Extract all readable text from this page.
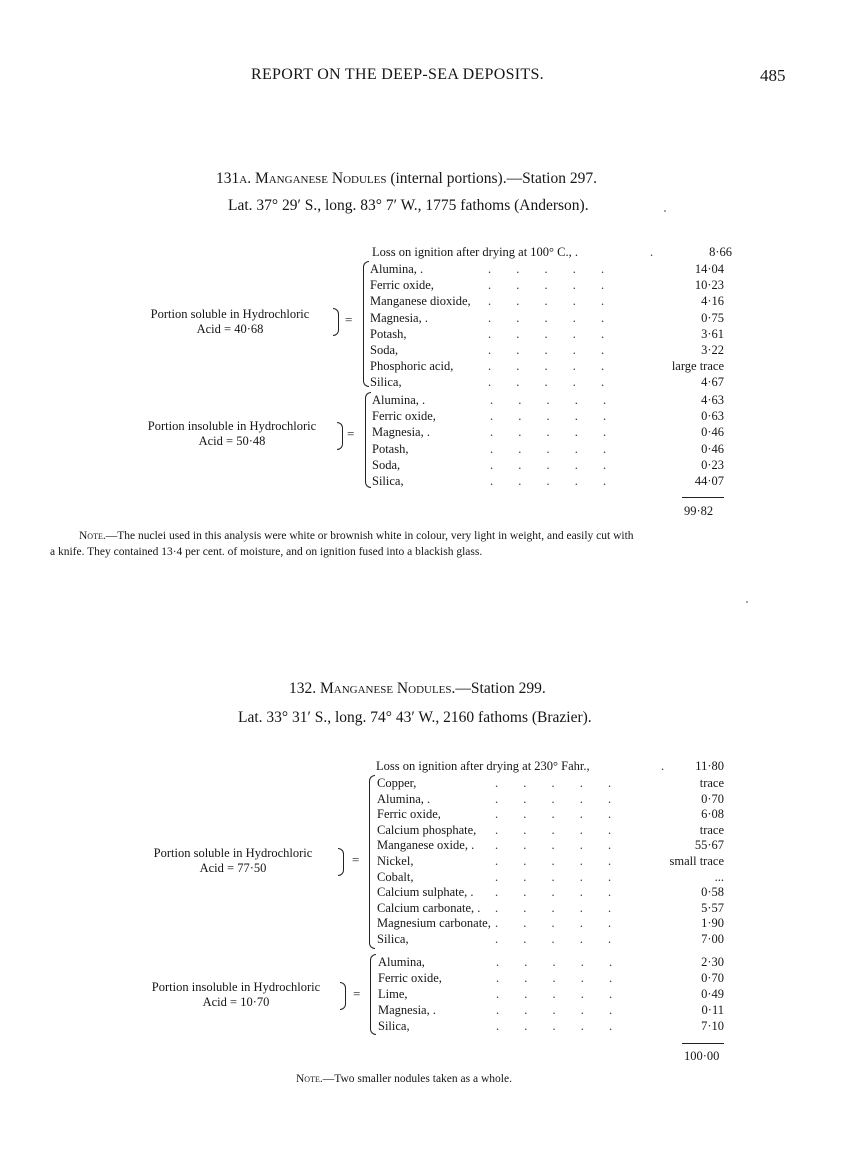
REPORT ON THE DEEP-SEA DEPOSITS.	485
131A. Manganese Nodules (internal portions).—Station 297.
Lat. 37° 29′ S., long. 83° 7′ W., 1775 fathoms (Anderson).
Loss on ignition after drying at 100° C., .	.	8·66
Portion soluble in Hydrochloric
Acid = 40·68
=
Alumina, .	. . . . .	14·04
Ferric oxide,	. . . . .	10·23
Manganese dioxide, . . . . .	4·16
Magnesia, .	. . . . .	0·75
Potash,	. . . . .	3·61
Soda,	. . . . .	3·22
Phosphoric acid,	. . . . .	large trace
Silica,	. . . . .	4·67
Portion insoluble in Hydrochloric
Acid = 50·48	=
Alumina, .	. . . . .	4·63
Ferric oxide,	. . . . .	0·63
Magnesia, .	. . . . .	0·46
Potash,	. . . . .	0·46
Soda,	. . . . .	0·23
Silica,	. . . . .	44·07
99·82
Note.—The nuclei used in this analysis were white or brownish white in colour, very light in weight, and easily cut with
a knife. They contained 13·4 per cent. of moisture, and on ignition fused into a blackish glass.
132. Manganese Nodules.—Station 299.
Lat. 33° 31′ S., long. 74° 43′ W., 2160 fathoms (Brazier).
Loss on ignition after drying at 230° Fahr.,	.	11·80
Portion soluble in Hydrochloric
Acid = 77·50
=
Copper,	. . . . .	trace
Alumina, .	. . . . .	0·70
Ferric oxide,	. . . . .	6·08
Calcium phosphate, . . . . .	trace
Manganese oxide, . . . . . .	55·67
Nickel,	. . . . .	small trace
Cobalt,	. . . . .	...
Calcium sulphate, . . . . . .	0·58
Calcium carbonate, . . . . . .	5·57
Magnesium carbonate, . . . . .	1·90
Silica,	. . . . .	7·00
Portion insoluble in Hydrochloric
Acid = 10·70
=
Alumina,	. . . . .	2·30
Ferric oxide,	. . . . .	0·70
Lime,	. . . . .	0·49
Magnesia, .	. . . . .	0·11
Silica,	. . . . .	7·10
100·00
Note.—Two smaller nodules taken as a whole.
